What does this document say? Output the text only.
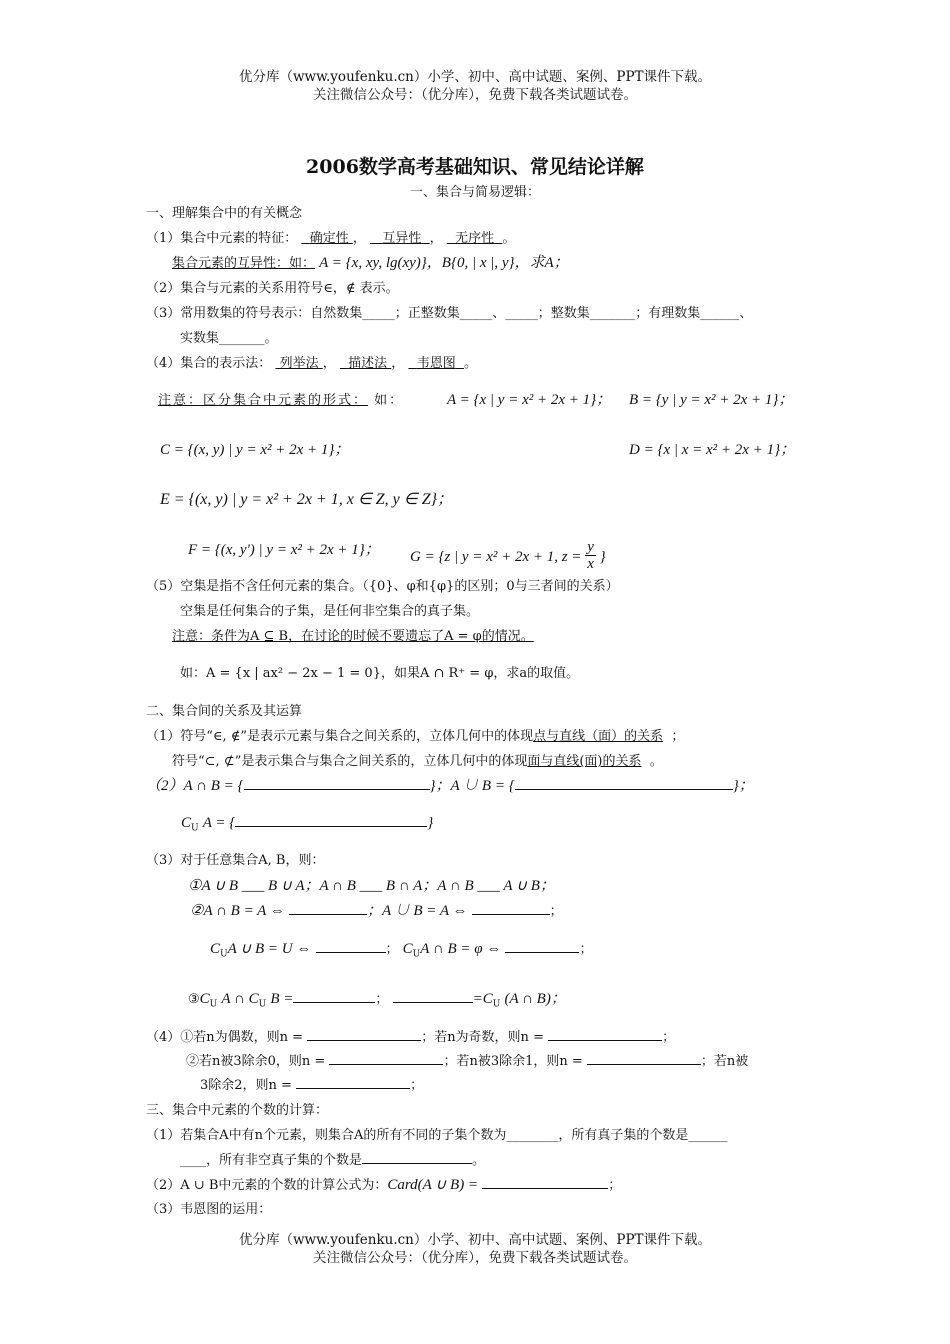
优分库（www.youfenku.cn）小学、初中、高中试题、案例、PPT课件下载。
关注微信公众号：（优分库），免费下载各类试题试卷。
2006数学高考基础知识、常见结论详解
一、集合与简易逻辑：
一、理解集合中的有关概念
（1）集合中元素的特征： 确定性 ，    互异性 ，   无序性 。
集合元素的互异性：如： A = {x, xy, lg(xy)}，B{0, | x |, y}，求A；
（2）集合与元素的关系用符号∈，∉ 表示。
（3）常用数集的符号表示：自然数集_____；正整数集_____、_____；整数集_______；有理数集______、
实数集_______。
（4）集合的表示法： 列举法 ，   描述法 ，   韦恩图 。
注意：区分集合中元素的形式： 如：	A = {x | y = x² + 2x + 1}； B = {y | y = x² + 2x + 1}；
C = {(x, y) | y = x² + 2x + 1}；	D = {x | x = x² + 2x + 1}；
E = {(x, y) | y = x² + 2x + 1, x ∈ Z, y ∈ Z}；
F = {(x, y') | y = x² + 2x + 1}； G = {z | y = x² + 2x + 1, $z = \frac{y}{x}$ }
（5）空集是指不含任何元素的集合。（{0}、φ和{φ}的区别；0与三者间的关系）
空集是任何集合的子集，是任何非空集合的真子集。
注意：条件为A ⊆ B，在讨论的时候不要遗忘了A = φ的情况。
如：A = {x | ax² − 2x − 1 = 0}，如果A ∩ R⁺ = φ，求a的取值。
二、集合间的关系及其运算
（1）符号“∈, ∉”是表示元素与集合之间关系的，立体几何中的体现点与直线（面）的关系 ；
符号“⊂, ⊄”是表示集合与集合之间关系的，立体几何中的体现面与直线(面)的关系 。
（2）A ∩ B = {	}；A ∪ B = {	}；
$C_U$ A = {	}
（3）对于任意集合A, B，则：
①A ∪ B ___ B ∪ A；A ∩ B ___ B ∩ A；A ∩ B ___ A ∪ B；
②A ∩ B = A ⇔	；A ∪ B = A ⇔	；
$C_UA$ ∪ B = U ⇔	； $C_UA$ ∩ B = φ ⇔	；
$③C_U$ A ∩ $C_U$ B =	；	$=C_U$ (A ∩ B)；
（4）①若n为偶数，则n =	；若n为奇数，则n =	；
②若n被3除余0，则n =	；若n被3除余1，则n =	；若n被
3除余2，则n =	；
三、集合中元素的个数的计算：
（1）若集合A中有n个元素，则集合A的所有不同的子集个数为________，所有真子集的个数是______
____，所有非空真子集的个数是	。
（2）A ∪ B中元素的个数的计算公式为：Card(A ∪ B) =	；
（3）韦恩图的运用：
优分库（www.youfenku.cn）小学、初中、高中试题、案例、PPT课件下载。
关注微信公众号：（优分库），免费下载各类试题试卷。
